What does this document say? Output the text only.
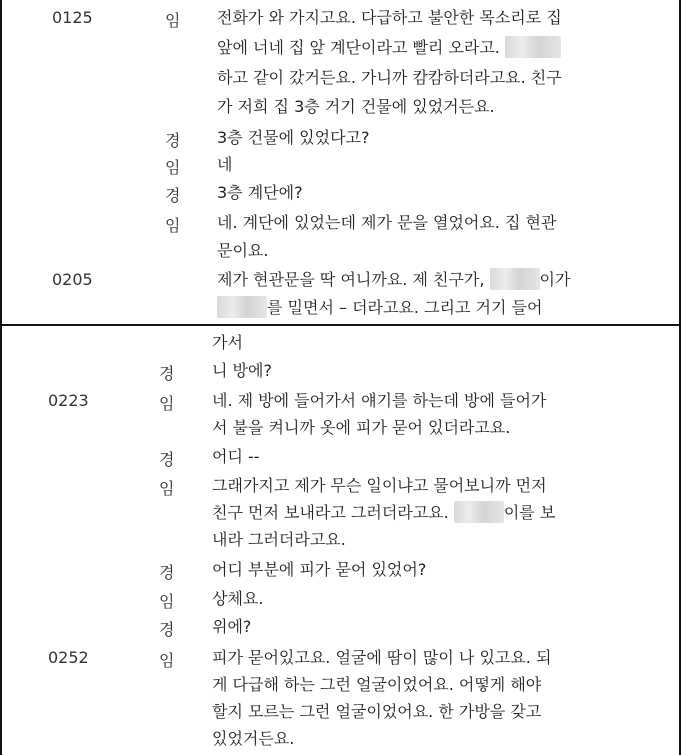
0125	임 전화가 와 가지고요. 다급하고 불안한 목소리로 집
앞에 너네 집 앞 계단이라고 빨리 오라고.
하고 같이 갔거든요. 가니까 캄캄하더라고요. 친구
가 저희 집 3층 거기 건물에 있었거든요.
경 3층 건물에 있었다고?
임 네
경 3층 계단에?
임 네. 계단에 있었는데 제가 문을 열었어요. 집 현관
문이요.
0205	제가 현관문을 딱 여니까요. 제 친구가,	이가
를 밀면서 – 더라고요. 그리고 거기 들어
가서
경 니 방에?
0223	임 네. 제 방에 들어가서 얘기를 하는데 방에 들어가
서 불을 켜니까 옷에 피가 묻어 있더라고요.
경 어디 --
임 그래가지고 제가 무슨 일이냐고 물어보니까 먼저
친구 먼저 보내라고 그러더라고요.	이를 보
내라 그러더라고요.
경 어디 부분에 피가 묻어 있었어?
임 상체요.
경 위에?
0252	임 피가 묻어있고요. 얼굴에 땀이 많이 나 있고요. 되
게 다급해 하는 그런 얼굴이었어요. 어떻게 해야
할지 모르는 그런 얼굴이었어요. 한 가방을 갖고
있었거든요.
